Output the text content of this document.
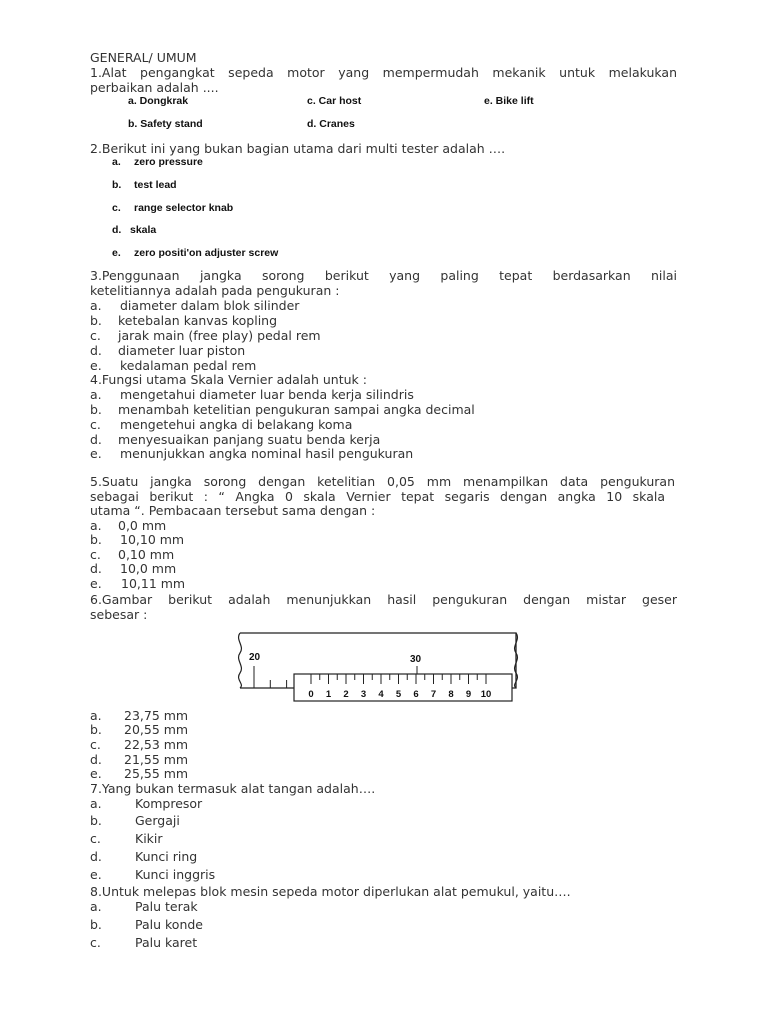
GENERAL/ UMUM
1.Alat pengangkat sepeda motor yang mempermudah mekanik untuk melakukan
perbaikan adalah ....
a. Dongkrak	c. Car host	e. Bike lift
b. Safety stand	d. Cranes
2.Berikut ini yang bukan bagian utama dari multi tester adalah ….
a. zero pressure
b. test lead
c. range selector knab
d. skala
e. zero positi'on adjuster screw
3.Penggunaan jangka sorong berikut yang paling tepat berdasarkan nilai
ketelitiannya adalah pada pengukuran :
a. diameter dalam blok silinder
b. ketebalan kanvas kopling
c. jarak main (free play) pedal rem
d. diameter luar piston
e. kedalaman pedal rem
4.Fungsi utama Skala Vernier adalah untuk :
a. mengetahui diameter luar benda kerja silindris
b. menambah ketelitian pengukuran sampai angka decimal
c. mengetehui angka di belakang koma
d. menyesuaikan panjang suatu benda kerja
e. menunjukkan angka nominal hasil pengukuran
5.Suatu jangka sorong dengan ketelitian 0,05 mm menampilkan data pengukuran
sebagai berikut : “ Angka 0 skala Vernier tepat segaris dengan angka 10 skala
utama “. Pembacaan tersebut sama dengan :
a. 0,0 mm
b. 10,10 mm
c. 0,10 mm
d. 10,0 mm
e. 10,11 mm
6.Gambar berikut adalah menunjukkan hasil pengukuran dengan mistar geser
sebesar :
20	30
0 1 2 3 4 5 6 7 8 9 10
a. 23,75 mm
b. 20,55 mm
c. 22,53 mm
d. 21,55 mm
e. 25,55 mm
7.Yang bukan termasuk alat tangan adalah….
a.	Kompresor
b.	Gergaji
c.	Kikir
d.	Kunci ring
e.	Kunci inggris
8.Untuk melepas blok mesin sepeda motor diperlukan alat pemukul, yaitu….
a.	Palu terak
b.	Palu konde
c.	Palu karet
